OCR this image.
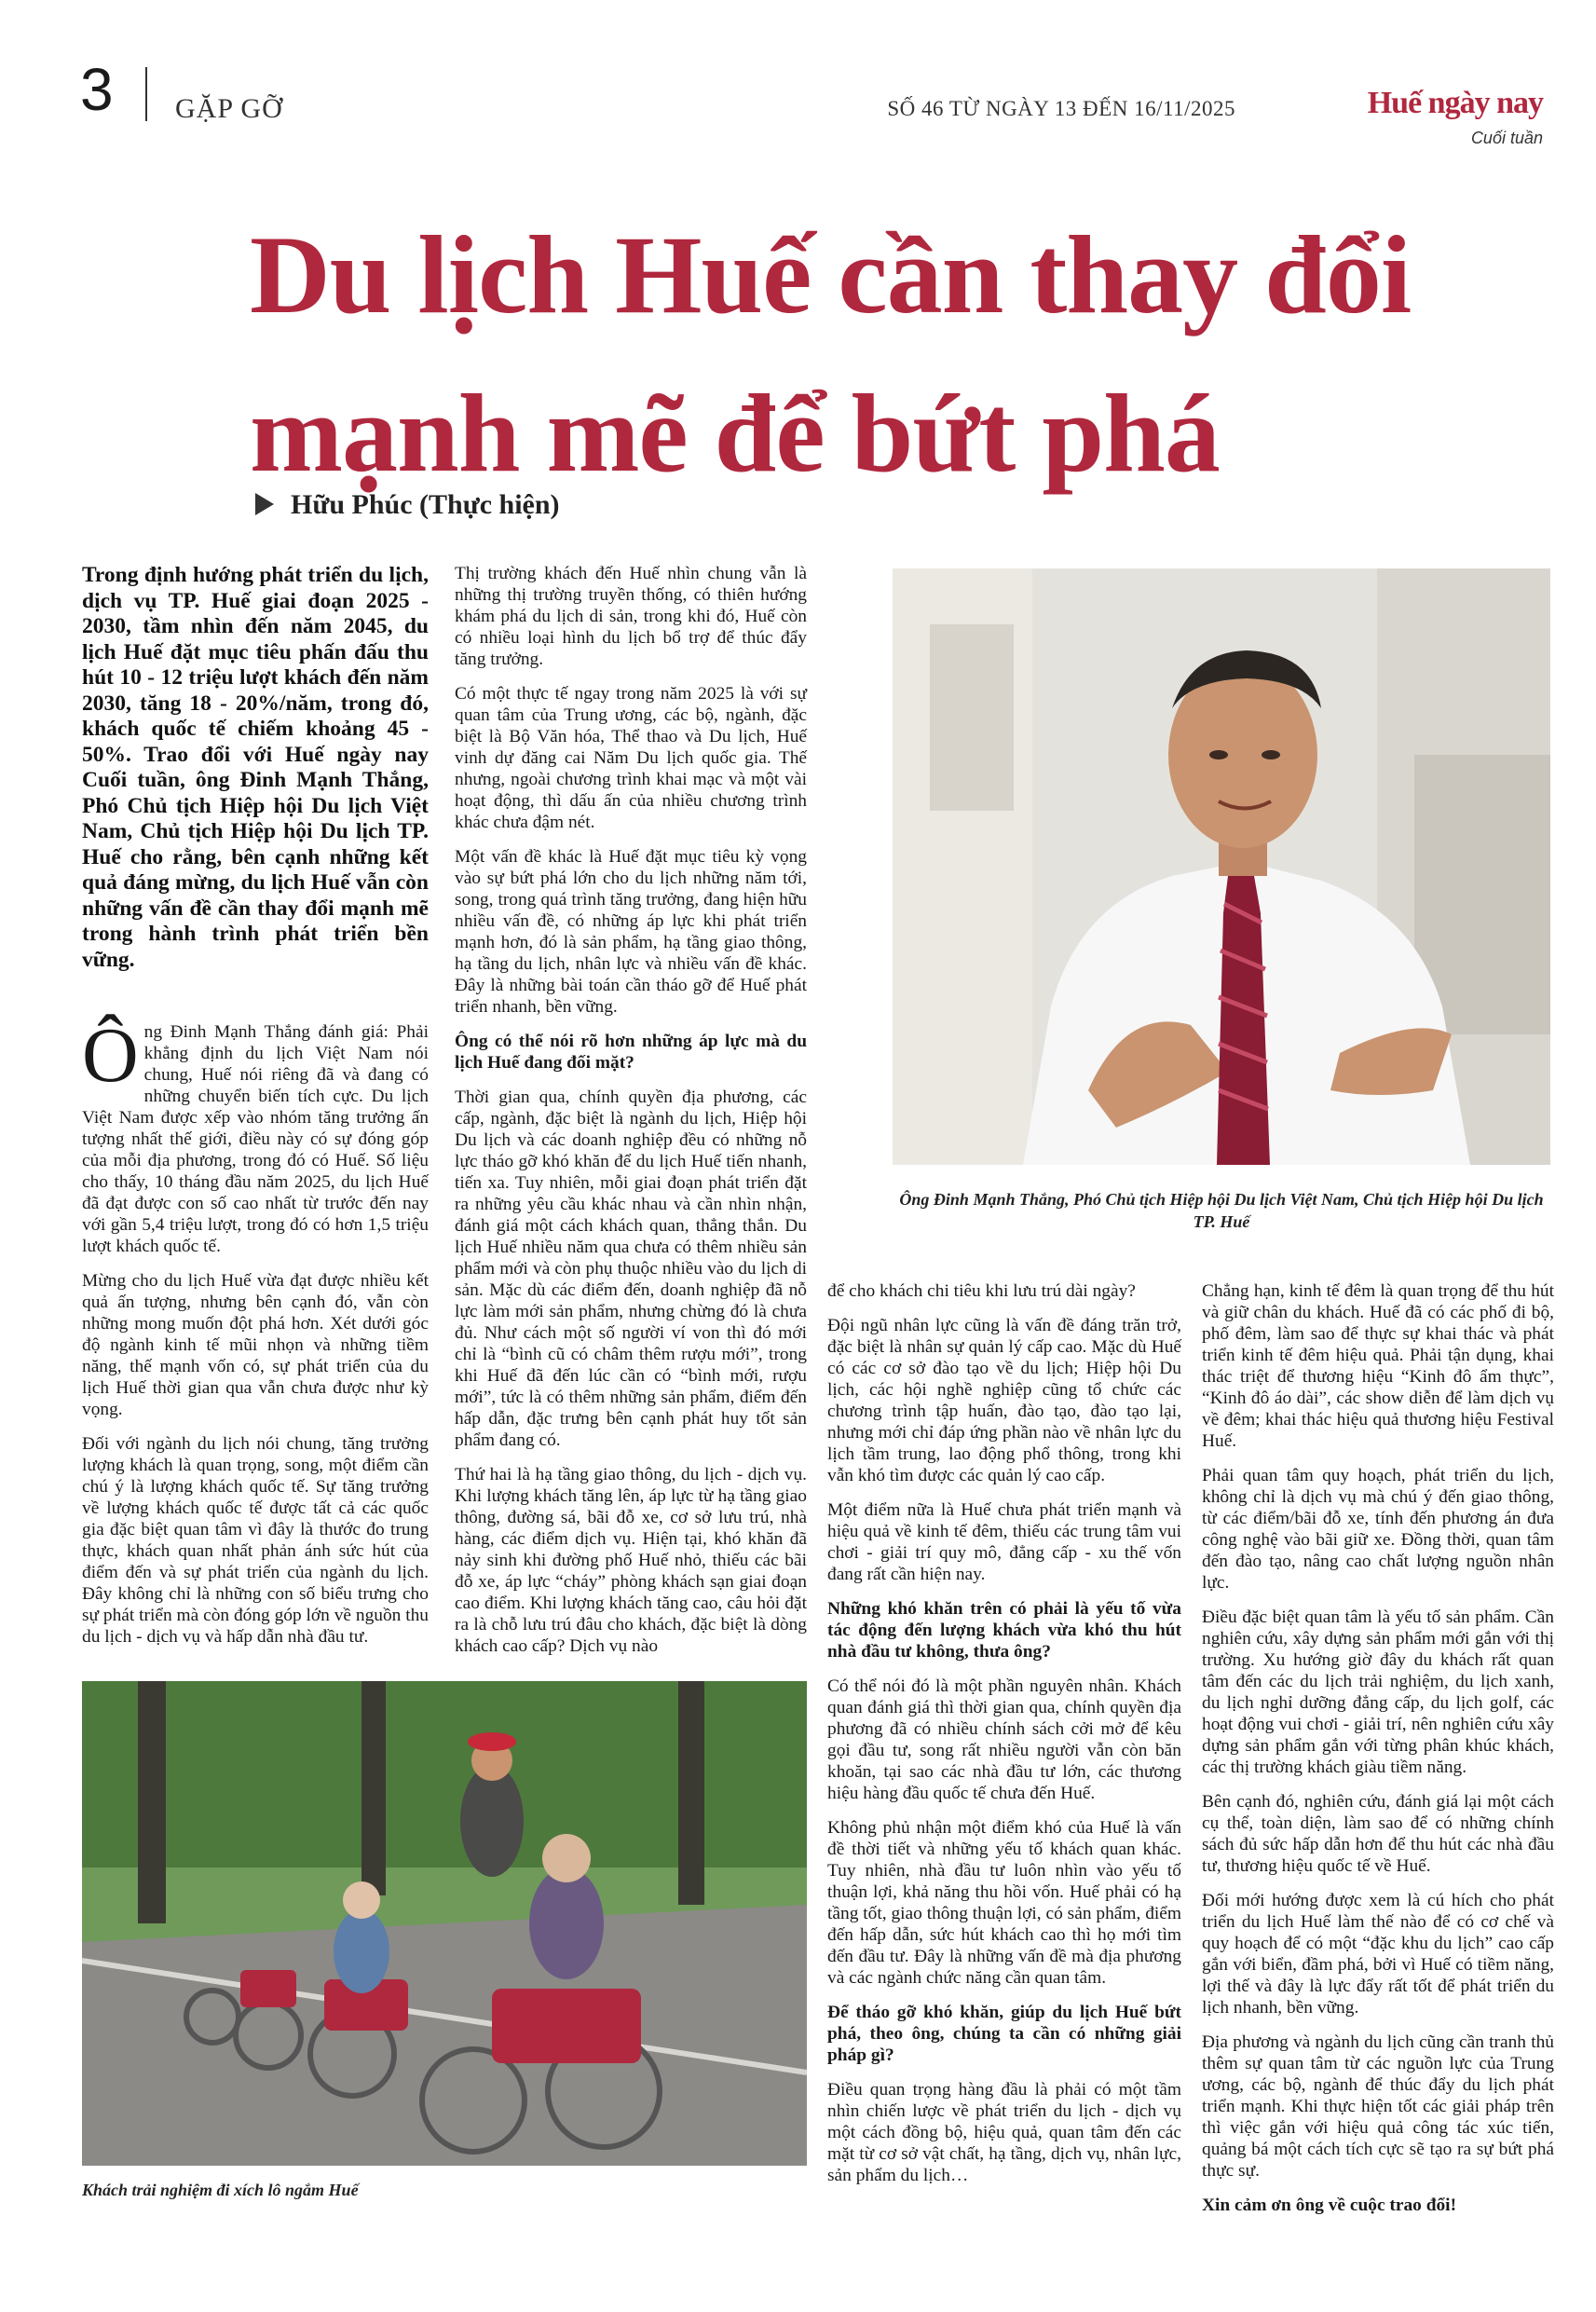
3 GẶP GỠ	SỐ 46 TỪ NGÀY 13 ĐẾN 16/11/2025	Huế ngày nay
Cuối tuần
Du lịch Huế cần thay đổi mạnh mẽ để bứt phá
Hữu Phúc (Thực hiện)
Trong định hướng phát triển du lịch, dịch vụ TP. Huế giai đoạn 2025 - 2030, tầm nhìn đến năm 2045, du lịch Huế đặt mục tiêu phấn đấu thu hút 10 - 12 triệu lượt khách đến năm 2030, tăng 18 - 20%/năm, trong đó, khách quốc tế chiếm khoảng 45 - 50%. Trao đổi với Huế ngày nay Cuối tuần, ông Đinh Mạnh Thắng, Phó Chủ tịch Hiệp hội Du lịch Việt Nam, Chủ tịch Hiệp hội Du lịch TP. Huế cho rằng, bên cạnh những kết quả đáng mừng, du lịch Huế vẫn còn những vấn đề cần thay đổi mạnh mẽ trong hành trình phát triển bền vững.

Ông Đinh Mạnh Thắng đánh giá: Phải khẳng định du lịch Việt Nam nói chung, Huế nói riêng đã và đang có những chuyển biến tích cực. Du lịch Việt Nam được xếp vào nhóm tăng trưởng ấn tượng nhất thế giới, điều này có sự đóng góp của mỗi địa phương, trong đó có Huế. Số liệu cho thấy, 10 tháng đầu năm 2025, du lịch Huế đã đạt được con số cao nhất từ trước đến nay với gần 5,4 triệu lượt, trong đó có hơn 1,5 triệu lượt khách quốc tế.

Mừng cho du lịch Huế vừa đạt được nhiều kết quả ấn tượng, nhưng bên cạnh đó, vẫn còn những mong muốn đột phá hơn. Xét dưới góc độ ngành kinh tế mũi nhọn và những tiềm năng, thế mạnh vốn có, sự phát triển của du lịch Huế thời gian qua vẫn chưa được như kỳ vọng.

Đối với ngành du lịch nói chung, tăng trưởng lượng khách là quan trọng, song, một điểm cần chú ý là lượng khách quốc tế. Sự tăng trưởng về lượng khách quốc tế được tất cả các quốc gia đặc biệt quan tâm vì đây là thước đo trung thực, khách quan nhất phản ánh sức hút của điểm đến và sự phát triển của ngành du lịch. Đây không chỉ là những con số biểu trưng cho sự phát triển mà còn đóng góp lớn về nguồn thu du lịch - dịch vụ và hấp dẫn nhà đầu tư.

Thị trường khách đến Huế nhìn chung vẫn là những thị trường truyền thống, có thiên hướng khám phá du lịch di sản, trong khi đó, Huế còn có nhiều loại hình du lịch bổ trợ để thúc đẩy tăng trưởng.

Có một thực tế ngay trong năm 2025 là với sự quan tâm của Trung ương, các bộ, ngành, đặc biệt là Bộ Văn hóa, Thể thao và Du lịch, Huế vinh dự đăng cai Năm Du lịch quốc gia. Thế nhưng, ngoài chương trình khai mạc và một vài hoạt động, thì dấu ấn của nhiều chương trình khác chưa đậm nét.

Một vấn đề khác là Huế đặt mục tiêu kỳ vọng vào sự bứt phá lớn cho du lịch những năm tới, song, trong quá trình tăng trưởng, đang hiện hữu nhiều vấn đề, có những áp lực khi phát triển mạnh hơn, đó là sản phẩm, hạ tầng giao thông, hạ tầng du lịch, nhân lực và nhiều vấn đề khác. Đây là những bài toán cần tháo gỡ để Huế phát triển nhanh, bền vững.

Ông có thể nói rõ hơn những áp lực mà du lịch Huế đang đối mặt?

Thời gian qua, chính quyền địa phương, các cấp, ngành, đặc biệt là ngành du lịch, Hiệp hội Du lịch và các doanh nghiệp đều có những nỗ lực tháo gỡ khó khăn để du lịch Huế tiến nhanh, tiến xa. Tuy nhiên, mỗi giai đoạn phát triển đặt ra những yêu cầu khác nhau và cần nhìn nhận, đánh giá một cách khách quan, thẳng thắn. Du lịch Huế nhiều năm qua chưa có thêm nhiều sản phẩm mới và còn phụ thuộc nhiều vào du lịch di sản. Mặc dù các điểm đến, doanh nghiệp đã nỗ lực làm mới sản phẩm, nhưng chừng đó là chưa đủ. Như cách một số người ví von thì đó mới chỉ là “bình cũ có châm thêm rượu mới”, trong khi Huế đã đến lúc cần có “bình mới, rượu mới”, tức là có thêm những sản phẩm, điểm đến hấp dẫn, đặc trưng bên cạnh phát huy tốt sản phẩm đang có.

Thứ hai là hạ tầng giao thông, du lịch - dịch vụ. Khi lượng khách tăng lên, áp lực từ hạ tầng giao thông, đường sá, bãi đỗ xe, cơ sở lưu trú, nhà hàng, các điểm dịch vụ. Hiện tại, khó khăn đã nảy sinh khi đường phố Huế nhỏ, thiếu các bãi đỗ xe, áp lực “cháy” phòng khách sạn giai đoạn cao điểm. Khi lượng khách tăng cao, câu hỏi đặt ra là chỗ lưu trú đâu cho khách, đặc biệt là dòng khách cao cấp? Dịch vụ nào

Ông Đinh Mạnh Thắng, Phó Chủ tịch Hiệp hội Du lịch Việt Nam, Chủ tịch Hiệp hội Du lịch TP. Huế

để cho khách chi tiêu khi lưu trú dài ngày?

Đội ngũ nhân lực cũng là vấn đề đáng trăn trở, đặc biệt là nhân sự quản lý cấp cao. Mặc dù Huế có các cơ sở đào tạo về du lịch; Hiệp hội Du lịch, các hội nghề nghiệp cũng tổ chức các chương trình tập huấn, đào tạo, đào tạo lại, nhưng mới chỉ đáp ứng phần nào về nhân lực du lịch tầm trung, lao động phổ thông, trong khi vẫn khó tìm được các quản lý cao cấp.

Một điểm nữa là Huế chưa phát triển mạnh và hiệu quả về kinh tế đêm, thiếu các trung tâm vui chơi - giải trí quy mô, đẳng cấp - xu thế vốn đang rất cần hiện nay.

Những khó khăn trên có phải là yếu tố vừa tác động đến lượng khách vừa khó thu hút nhà đầu tư không, thưa ông?

Có thể nói đó là một phần nguyên nhân. Khách quan đánh giá thì thời gian qua, chính quyền địa phương đã có nhiều chính sách cởi mở để kêu gọi đầu tư, song rất nhiều người vẫn còn băn khoăn, tại sao các nhà đầu tư lớn, các thương hiệu hàng đầu quốc tế chưa đến Huế.

Không phủ nhận một điểm khó của Huế là vấn đề thời tiết và những yếu tố khách quan khác. Tuy nhiên, nhà đầu tư luôn nhìn vào yếu tố thuận lợi, khả năng thu hồi vốn. Huế phải có hạ tầng tốt, giao thông thuận lợi, có sản phẩm, điểm đến hấp dẫn, sức hút khách cao thì họ mới tìm đến đầu tư. Đây là những vấn đề mà địa phương và các ngành chức năng cần quan tâm.

Để tháo gỡ khó khăn, giúp du lịch Huế bứt phá, theo ông, chúng ta cần có những giải pháp gì?

Điều quan trọng hàng đầu là phải có một tầm nhìn chiến lược về phát triển du lịch - dịch vụ một cách đồng bộ, hiệu quả, quan tâm đến các mặt từ cơ sở vật chất, hạ tầng, dịch vụ, nhân lực, sản phẩm du lịch…

Chẳng hạn, kinh tế đêm là quan trọng để thu hút và giữ chân du khách. Huế đã có các phố đi bộ, phố đêm, làm sao để thực sự khai thác và phát triển kinh tế đêm hiệu quả. Phải tận dụng, khai thác triệt để thương hiệu “Kinh đô ẩm thực”, “Kinh đô áo dài”, các show diễn để làm dịch vụ về đêm; khai thác hiệu quả thương hiệu Festival Huế.

Phải quan tâm quy hoạch, phát triển du lịch, không chỉ là dịch vụ mà chú ý đến giao thông, từ các điểm/bãi đỗ xe, tính đến phương án đưa công nghệ vào bãi giữ xe. Đồng thời, quan tâm đến đào tạo, nâng cao chất lượng nguồn nhân lực.

Điều đặc biệt quan tâm là yếu tố sản phẩm. Cần nghiên cứu, xây dựng sản phẩm mới gắn với thị trường. Xu hướng giờ đây du khách rất quan tâm đến các du lịch trải nghiệm, du lịch xanh, du lịch nghỉ dưỡng đẳng cấp, du lịch golf, các hoạt động vui chơi - giải trí, nên nghiên cứu xây dựng sản phẩm gắn với từng phân khúc khách, các thị trường khách giàu tiềm năng.

Bên cạnh đó, nghiên cứu, đánh giá lại một cách cụ thể, toàn diện, làm sao để có những chính sách đủ sức hấp dẫn hơn để thu hút các nhà đầu tư, thương hiệu quốc tế về Huế.

Đối mới hướng được xem là cú hích cho phát triển du lịch Huế làm thế nào để có cơ chế và quy hoạch để có một “đặc khu du lịch” cao cấp gắn với biển, đầm phá, bởi vì Huế có tiềm năng, lợi thế và đây là lực đẩy rất tốt để phát triển du lịch nhanh, bền vững.

Địa phương và ngành du lịch cũng cần tranh thủ thêm sự quan tâm từ các nguồn lực của Trung ương, các bộ, ngành để thúc đẩy du lịch phát triển mạnh. Khi thực hiện tốt các giải pháp trên thì việc gắn với hiệu quả công tác xúc tiến, quảng bá một cách tích cực sẽ tạo ra sự bứt phá thực sự.

Xin cảm ơn ông về cuộc trao đổi!

Khách trải nghiệm đi xích lô ngắm Huế
